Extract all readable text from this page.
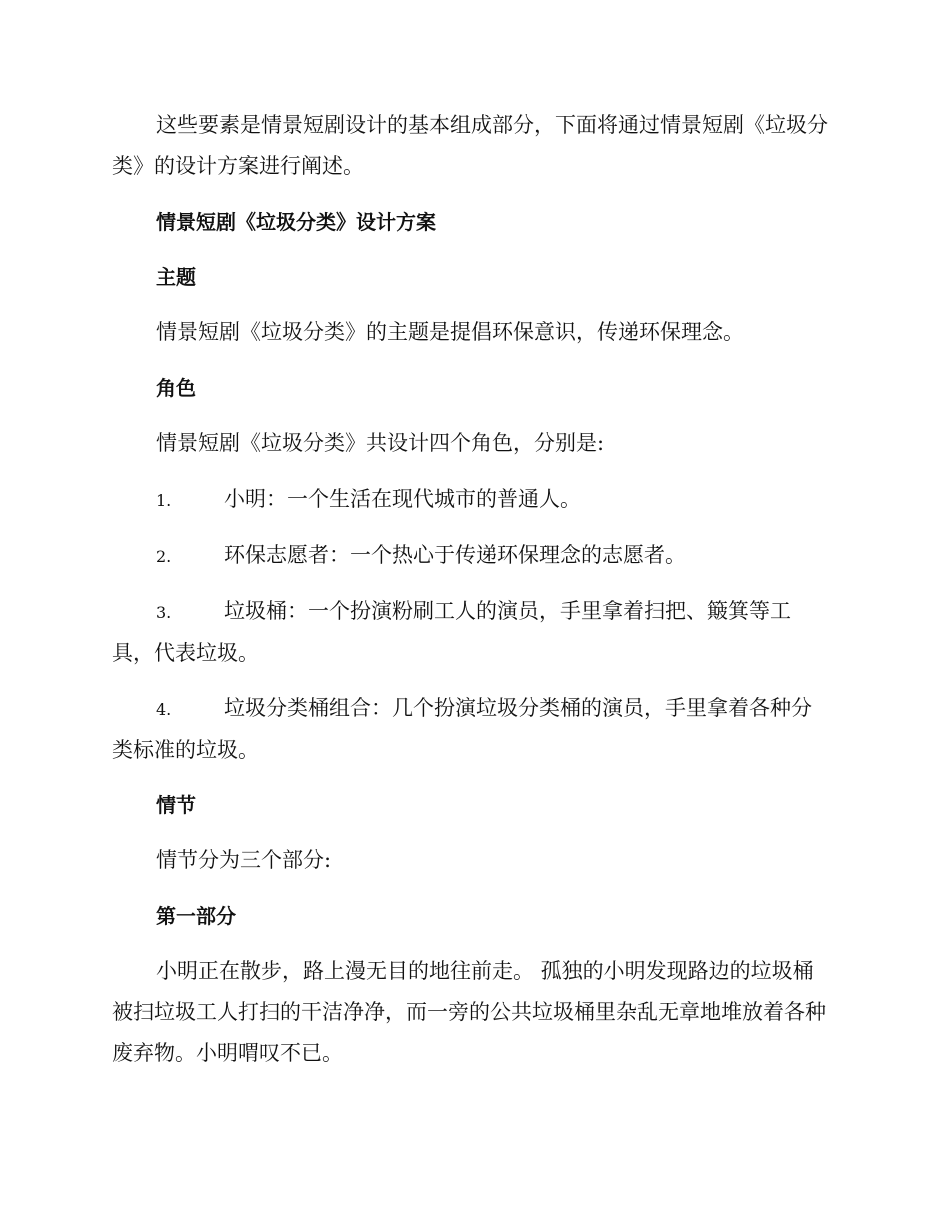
这些要素是情景短剧设计的基本组成部分，下面将通过情景短剧《垃圾分类》的设计方案进行阐述。

情景短剧《垃圾分类》设计方案

主题

情景短剧《垃圾分类》的主题是提倡环保意识，传递环保理念。

角色

情景短剧《垃圾分类》共设计四个角色，分别是:

1.	小明：一个生活在现代城市的普通人。

2.	环保志愿者：一个热心于传递环保理念的志愿者。

3.	垃圾桶：一个扮演粉刷工人的演员，手里拿着扫把、簸箕等工具，代表垃圾。

4.	垃圾分类桶组合：几个扮演垃圾分类桶的演员，手里拿着各种分类标准的垃圾。

情节

情节分为三个部分:

第一部分

小明正在散步，路上漫无目的地往前走。 孤独的小明发现路边的垃圾桶被扫垃圾工人打扫的干洁净净，而一旁的公共垃圾桶里杂乱无章地堆放着各种废弃物。小明喟叹不已。
